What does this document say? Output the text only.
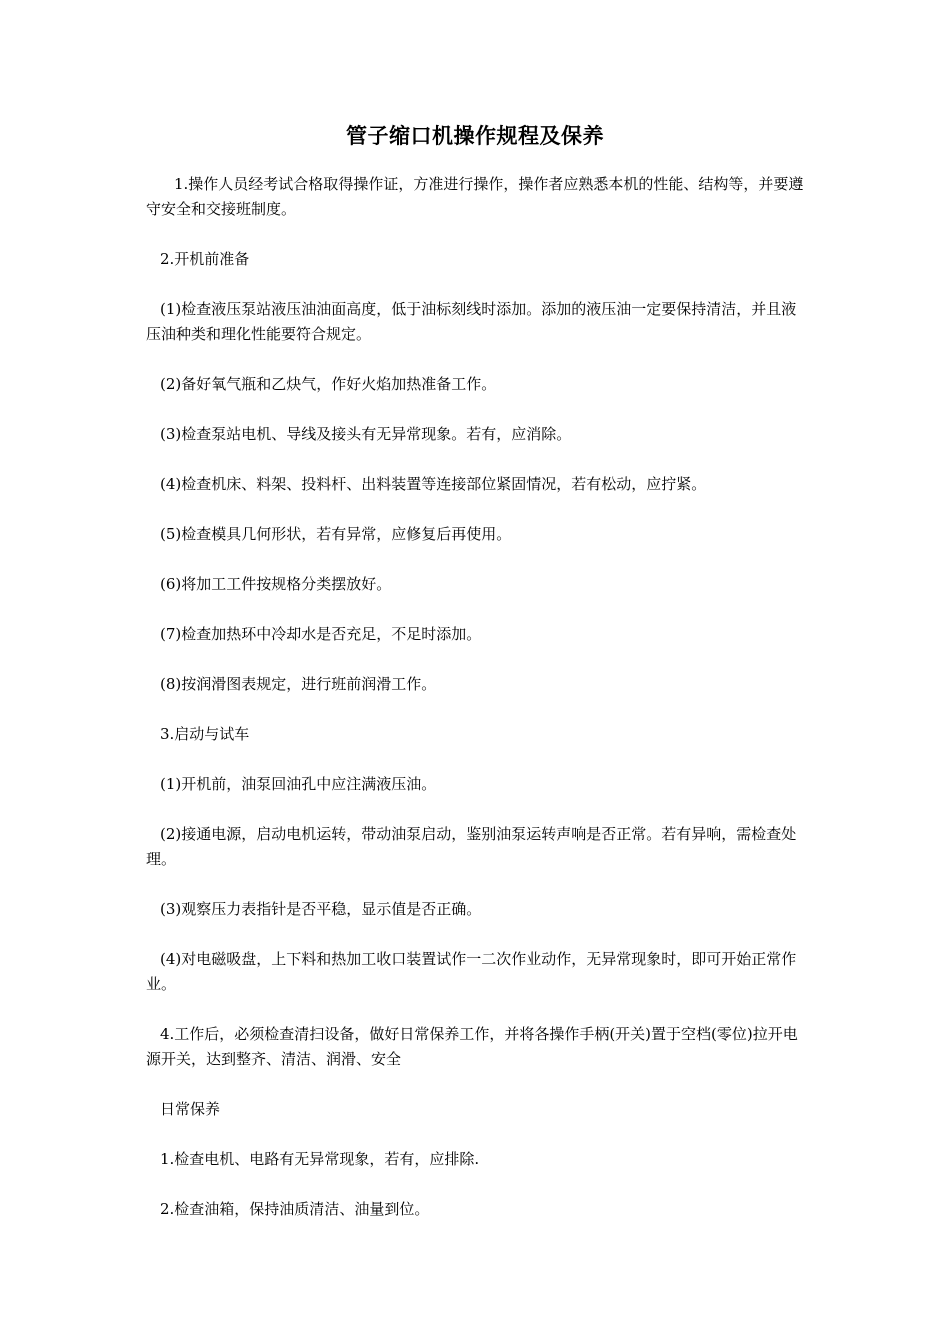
管子缩口机操作规程及保养

1.操作人员经考试合格取得操作证，方准进行操作，操作者应熟悉本机的性能、结构等，并要遵守安全和交接班制度。

2.开机前准备

(1)检查液压泵站液压油油面高度，低于油标刻线时添加。添加的液压油一定要保持清洁，并且液压油种类和理化性能要符合规定。

(2)备好氧气瓶和乙炔气，作好火焰加热准备工作。

(3)检查泵站电机、导线及接头有无异常现象。若有，应消除。

(4)检查机床、料架、投料杆、出料装置等连接部位紧固情况，若有松动，应拧紧。

(5)检查模具几何形状，若有异常，应修复后再使用。

(6)将加工工件按规格分类摆放好。

(7)检查加热环中冷却水是否充足，不足时添加。

(8)按润滑图表规定，进行班前润滑工作。

3.启动与试车

(1)开机前，油泵回油孔中应注满液压油。

(2)接通电源，启动电机运转，带动油泵启动，鉴别油泵运转声响是否正常。若有异响，需检查处理。

(3)观察压力表指针是否平稳，显示值是否正确。

(4)对电磁吸盘，上下料和热加工收口装置试作一二次作业动作，无异常现象时，即可开始正常作业。

4.工作后，必须检查清扫设备，做好日常保养工作，并将各操作手柄(开关)置于空档(零位)拉开电源开关，达到整齐、清洁、润滑、安全

日常保养

1.检查电机、电路有无异常现象，若有，应排除.

2.检查油箱，保持油质清洁、油量到位。
